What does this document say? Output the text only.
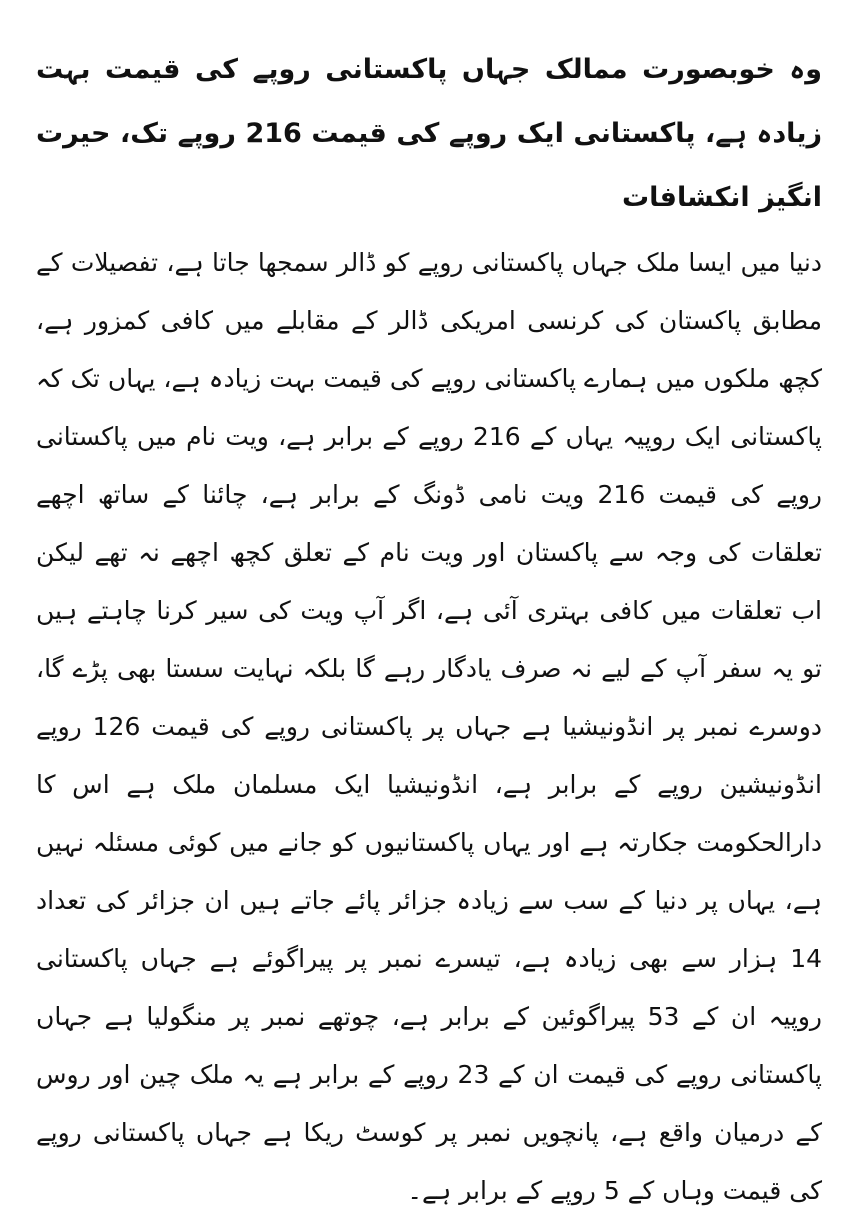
وہ خوبصورت ممالک جہاں پاکستانی روپے کی قیمت بہت زیادہ ہے، پاکستانی ایک روپے کی قیمت 216 روپے تک، حیرت انگیز انکشافات

دنیا میں ایسا ملک جہاں پاکستانی روپے کو ڈالر سمجھا جاتا ہے، تفصیلات کے مطابق پاکستان کی کرنسی امریکی ڈالر کے مقابلے میں کافی کمزور ہے، کچھ ملکوں میں ہمارے پاکستانی روپے کی قیمت بہت زیادہ ہے، یہاں تک کہ پاکستانی ایک روپیہ یہاں کے 216 روپے کے برابر ہے، ویت نام میں پاکستانی روپے کی قیمت 216 ویت نامی ڈونگ کے برابر ہے، چائنا کے ساتھ اچھے تعلقات کی وجہ سے پاکستان اور ویت نام کے تعلق کچھ اچھے نہ تھے لیکن اب تعلقات میں کافی بہتری آئی ہے، اگر آپ ویت کی سیر کرنا چاہتے ہیں تو یہ سفر آپ کے لیے نہ صرف یادگار رہے گا بلکہ نہایت سستا بھی پڑے گا، دوسرے نمبر پر انڈونیشیا ہے جہاں پر پاکستانی روپے کی قیمت 126 روپے انڈونیشین روپے کے برابر ہے، انڈونیشیا ایک مسلمان ملک ہے اس کا دارالحکومت جکارتہ ہے اور یہاں پاکستانیوں کو جانے میں کوئی مسئلہ نہیں ہے، یہاں پر دنیا کے سب سے زیادہ جزائر پائے جاتے ہیں ان جزائر کی تعداد 14 ہزار سے بھی زیادہ ہے، تیسرے نمبر پر پیراگوئے ہے جہاں پاکستانی روپیہ ان کے 53 پیراگوئین کے برابر ہے، چوتھے نمبر پر منگولیا ہے جہاں پاکستانی روپے کی قیمت ان کے 23 روپے کے برابر ہے یہ ملک چین اور روس کے درمیان واقع ہے، پانچویں نمبر پر کوسٹ ریکا ہے جہاں پاکستانی روپے کی قیمت وہاں کے 5 روپے کے برابر ہے۔
